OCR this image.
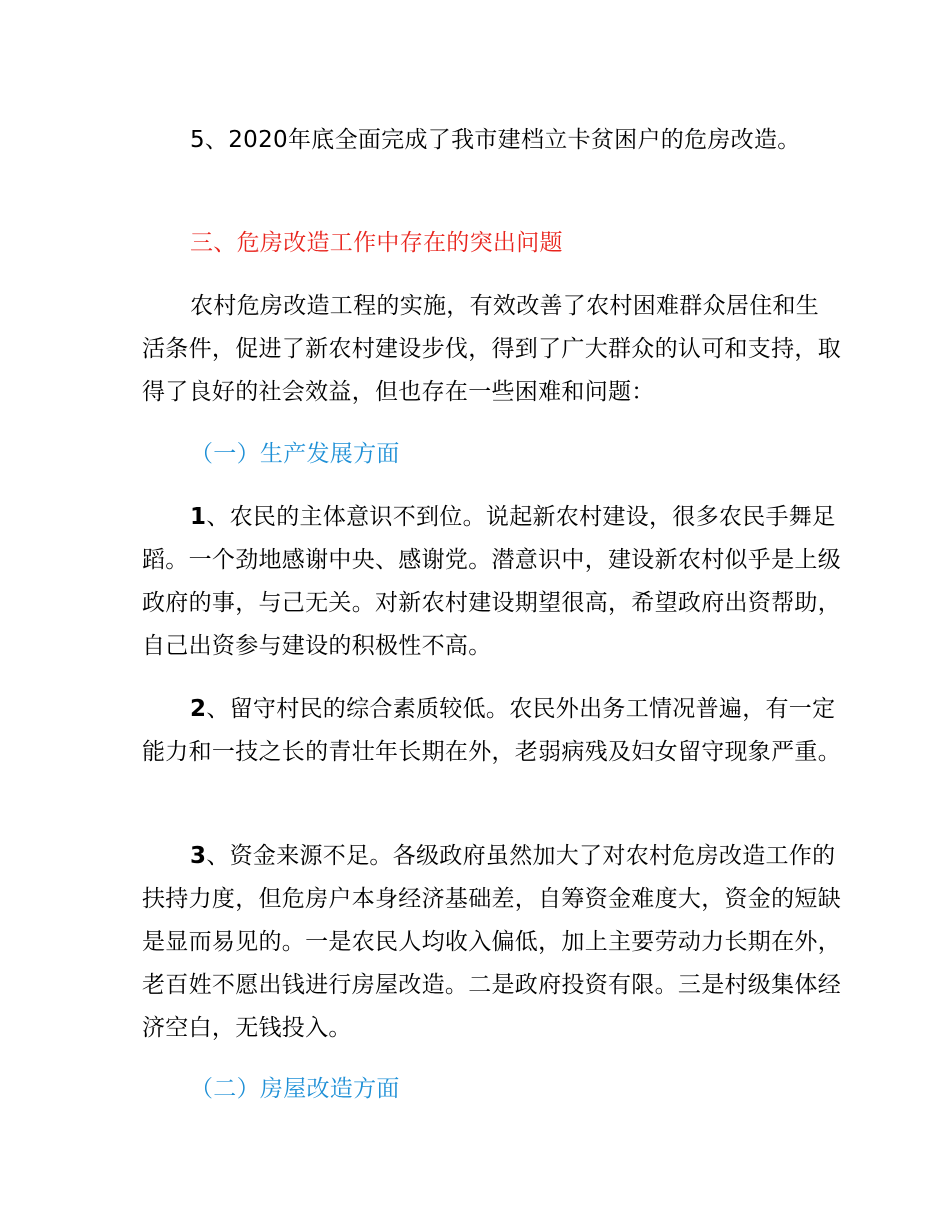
5、2020年底全面完成了我市建档立卡贫困户的危房改造。

三、危房改造工作中存在的突出问题

农村危房改造工程的实施，有效改善了农村困难群众居住和生活条件，促进了新农村建设步伐，得到了广大群众的认可和支持，取得了良好的社会效益，但也存在一些困难和问题：

（一）生产发展方面

1、农民的主体意识不到位。说起新农村建设，很多农民手舞足蹈。一个劲地感谢中央、感谢党。潜意识中，建设新农村似乎是上级政府的事，与己无关。对新农村建设期望很高，希望政府出资帮助，自己出资参与建设的积极性不高。

2、留守村民的综合素质较低。农民外出务工情况普遍，有一定能力和一技之长的青壮年长期在外，老弱病残及妇女留守现象严重。

3、资金来源不足。各级政府虽然加大了对农村危房改造工作的扶持力度，但危房户本身经济基础差，自筹资金难度大，资金的短缺是显而易见的。一是农民人均收入偏低，加上主要劳动力长期在外，老百姓不愿出钱进行房屋改造。二是政府投资有限。三是村级集体经济空白，无钱投入。

（二）房屋改造方面
